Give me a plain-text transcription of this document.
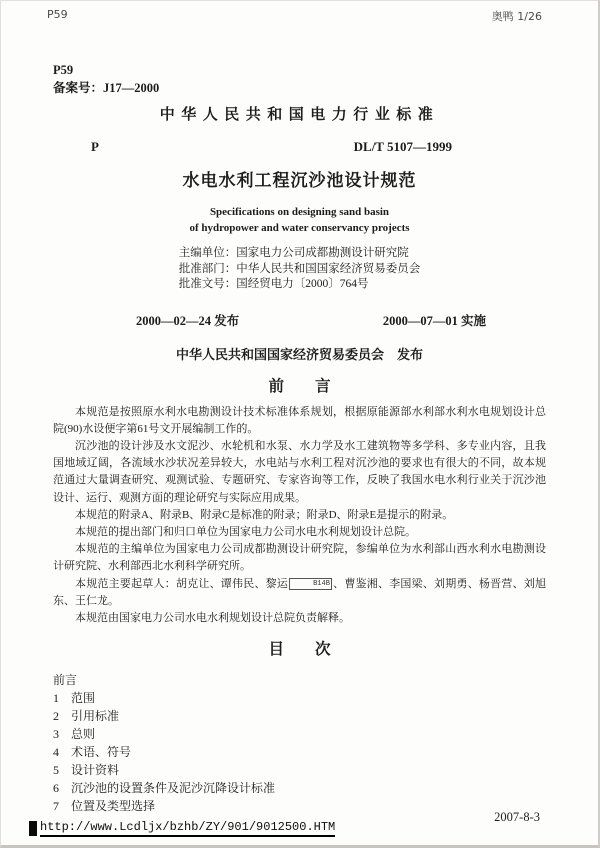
P59	奥鸭 1/26
P59
备案号：J17—2000
中华人民共和国电力行业标准
P	DL/T 5107—1999
水电水利工程沉沙池设计规范
Specifications on designing sand basin
of hydropower and water conservancy projects
主编单位：国家电力公司成都勘测设计研究院
批准部门：中华人民共和国国家经济贸易委员会
批准文号：国经贸电力〔2000〕764号
2000—02—24 发布	2000—07—01 实施
中华人民共和国国家经济贸易委员会　发布
前　　言

本规范是按照原水利水电勘测设计技术标准体系规划，根据原能源部水利部水利水电规划设计总院(90)水设便字第61号文开展编制工作的。

沉沙池的设计涉及水文泥沙、水轮机和水泵、水力学及水工建筑物等多学科、多专业内容，且我国地域辽阔，各流域水沙状况差异较大，水电站与水利工程对沉沙池的要求也有很大的不同，故本规范通过大量调查研究、观测试验、专题研究、专家咨询等工作，反映了我国水电水利行业关于沉沙池设计、运行、观测方面的理论研究与实际应用成果。

本规范的附录A、附录B、附录C是标准的附录；附录D、附录E是提示的附录。

本规范的提出部门和归口单位为国家电力公司水电水利规划设计总院。

本规范的主编单位为国家电力公司成都勘测设计研究院，参编单位为水利部山西水利水电勘测设计研究院、水利部西北水利科学研究所。

本规范主要起草人：胡克让、谭伟民、黎运	B14B 、曹鉴湘、李国梁、刘期勇、杨晋营、刘旭东、王仁龙。

本规范由国家电力公司水电水利规划设计总院负责解释。

目　　次
前言
1　范围
2　引用标准
3　总则
4　术语、符号
5　设计资料
6　沉沙池的设置条件及泥沙沉降设计标准
7　位置及类型选择
http://www.Lcdljx/bzhb/ZY/901/9012500.HTM
2007-8-3
